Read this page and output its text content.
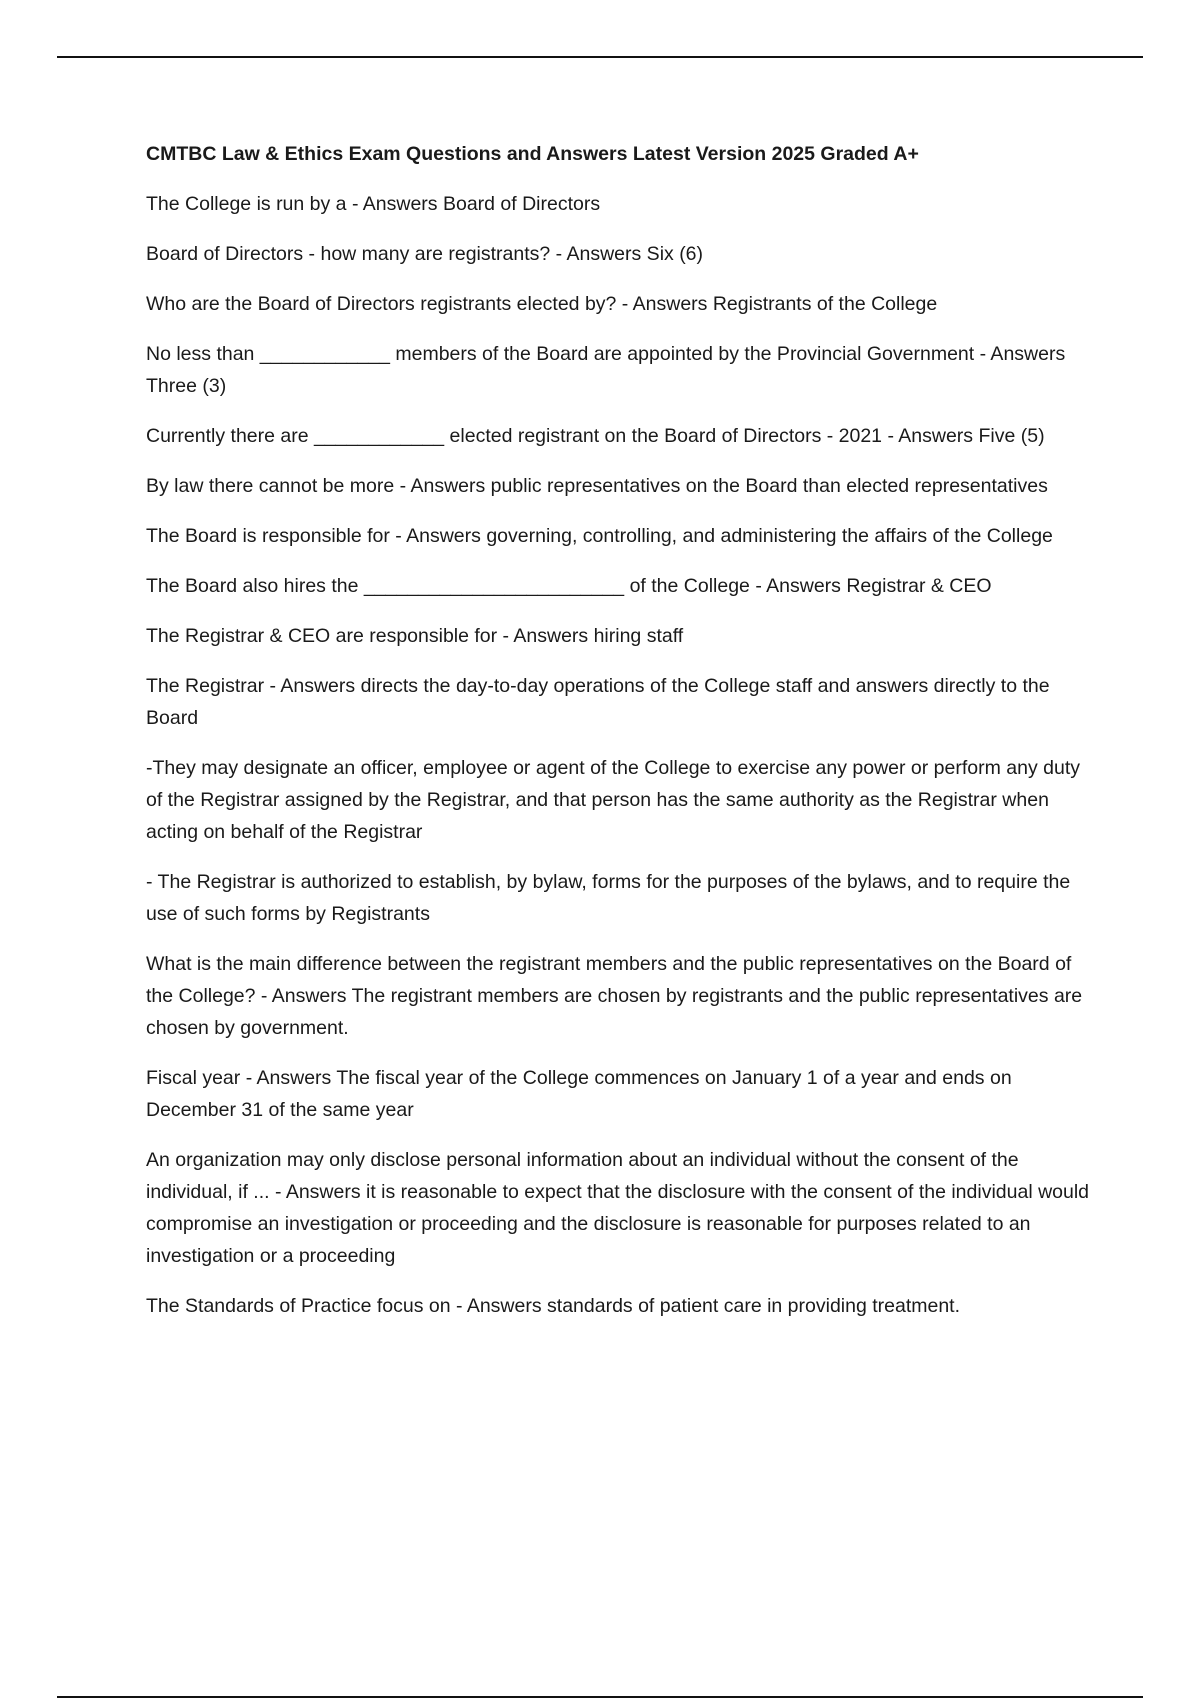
CMTBC Law & Ethics Exam Questions and Answers Latest Version 2025 Graded A+

The College is run by a - Answers Board of Directors

Board of Directors - how many are registrants? - Answers Six (6)

Who are the Board of Directors registrants elected by? - Answers Registrants of the College

No less than ____________ members of the Board are appointed by the Provincial Government - Answers Three (3)

Currently there are ____________ elected registrant on the Board of Directors - 2021 - Answers Five (5)

By law there cannot be more - Answers public representatives on the Board than elected representatives

The Board is responsible for - Answers governing, controlling, and administering the affairs of the College

The Board also hires the ________________________ of the College - Answers Registrar & CEO

The Registrar & CEO are responsible for - Answers hiring staff

The Registrar - Answers directs the day-to-day operations of the College staff and answers directly to the Board

-They may designate an officer, employee or agent of the College to exercise any power or perform any duty of the Registrar assigned by the Registrar, and that person has the same authority as the Registrar when acting on behalf of the Registrar

- The Registrar is authorized to establish, by bylaw, forms for the purposes of the bylaws, and to require the use of such forms by Registrants

What is the main difference between the registrant members and the public representatives on the Board of the College? - Answers The registrant members are chosen by registrants and the public representatives are chosen by government.

Fiscal year - Answers The fiscal year of the College commences on January 1 of a year and ends on December 31 of the same year

An organization may only disclose personal information about an individual without the consent of the individual, if ... - Answers it is reasonable to expect that the disclosure with the consent of the individual would compromise an investigation or proceeding and the disclosure is reasonable for purposes related to an investigation or a proceeding

The Standards of Practice focus on - Answers standards of patient care in providing treatment.
